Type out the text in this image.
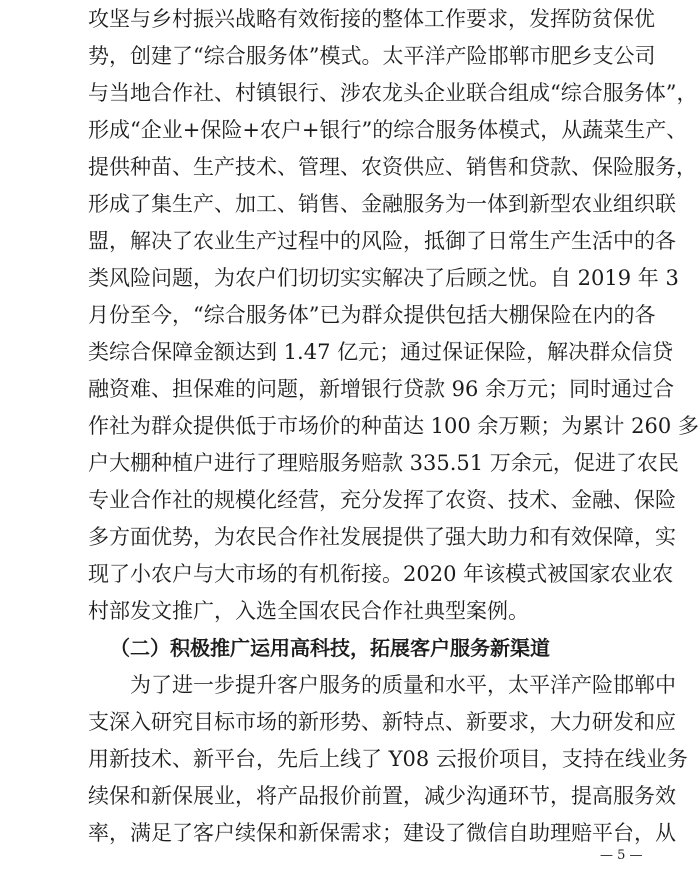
攻坚与乡村振兴战略有效衔接的整体工作要求，发挥防贫保优
势，创建了“综合服务体”模式。太平洋产险邯郸市肥乡支公司
与当地合作社、村镇银行、涉农龙头企业联合组成“综合服务体”，
形成“企业+保险+农户+银行”的综合服务体模式，从蔬菜生产、
提供种苗、生产技术、管理、农资供应、销售和贷款、保险服务，
形成了集生产、加工、销售、金融服务为一体到新型农业组织联
盟，解决了农业生产过程中的风险，抵御了日常生产生活中的各
类风险问题，为农户们切切实实解决了后顾之忧。自 2019 年 3
月份至今，“综合服务体”已为群众提供包括大棚保险在内的各
类综合保障金额达到 1.47 亿元；通过保证保险，解决群众信贷
融资难、担保难的问题，新增银行贷款 96 余万元；同时通过合
作社为群众提供低于市场价的种苗达 100 余万颗；为累计 260 多
户大棚种植户进行了理赔服务赔款 335.51 万余元，促进了农民
专业合作社的规模化经营，充分发挥了农资、技术、金融、保险
多方面优势，为农民合作社发展提供了强大助力和有效保障，实
现了小农户与大市场的有机衔接。2020 年该模式被国家农业农
村部发文推广，入选全国农民合作社典型案例。
（二）积极推广运用高科技，拓展客户服务新渠道
为了进一步提升客户服务的质量和水平，太平洋产险邯郸中
支深入研究目标市场的新形势、新特点、新要求，大力研发和应
用新技术、新平台，先后上线了 Y08 云报价项目，支持在线业务
续保和新保展业，将产品报价前置，减少沟通环节，提高服务效
率，满足了客户续保和新保需求；建设了微信自助理赔平台，从
— 5 —
